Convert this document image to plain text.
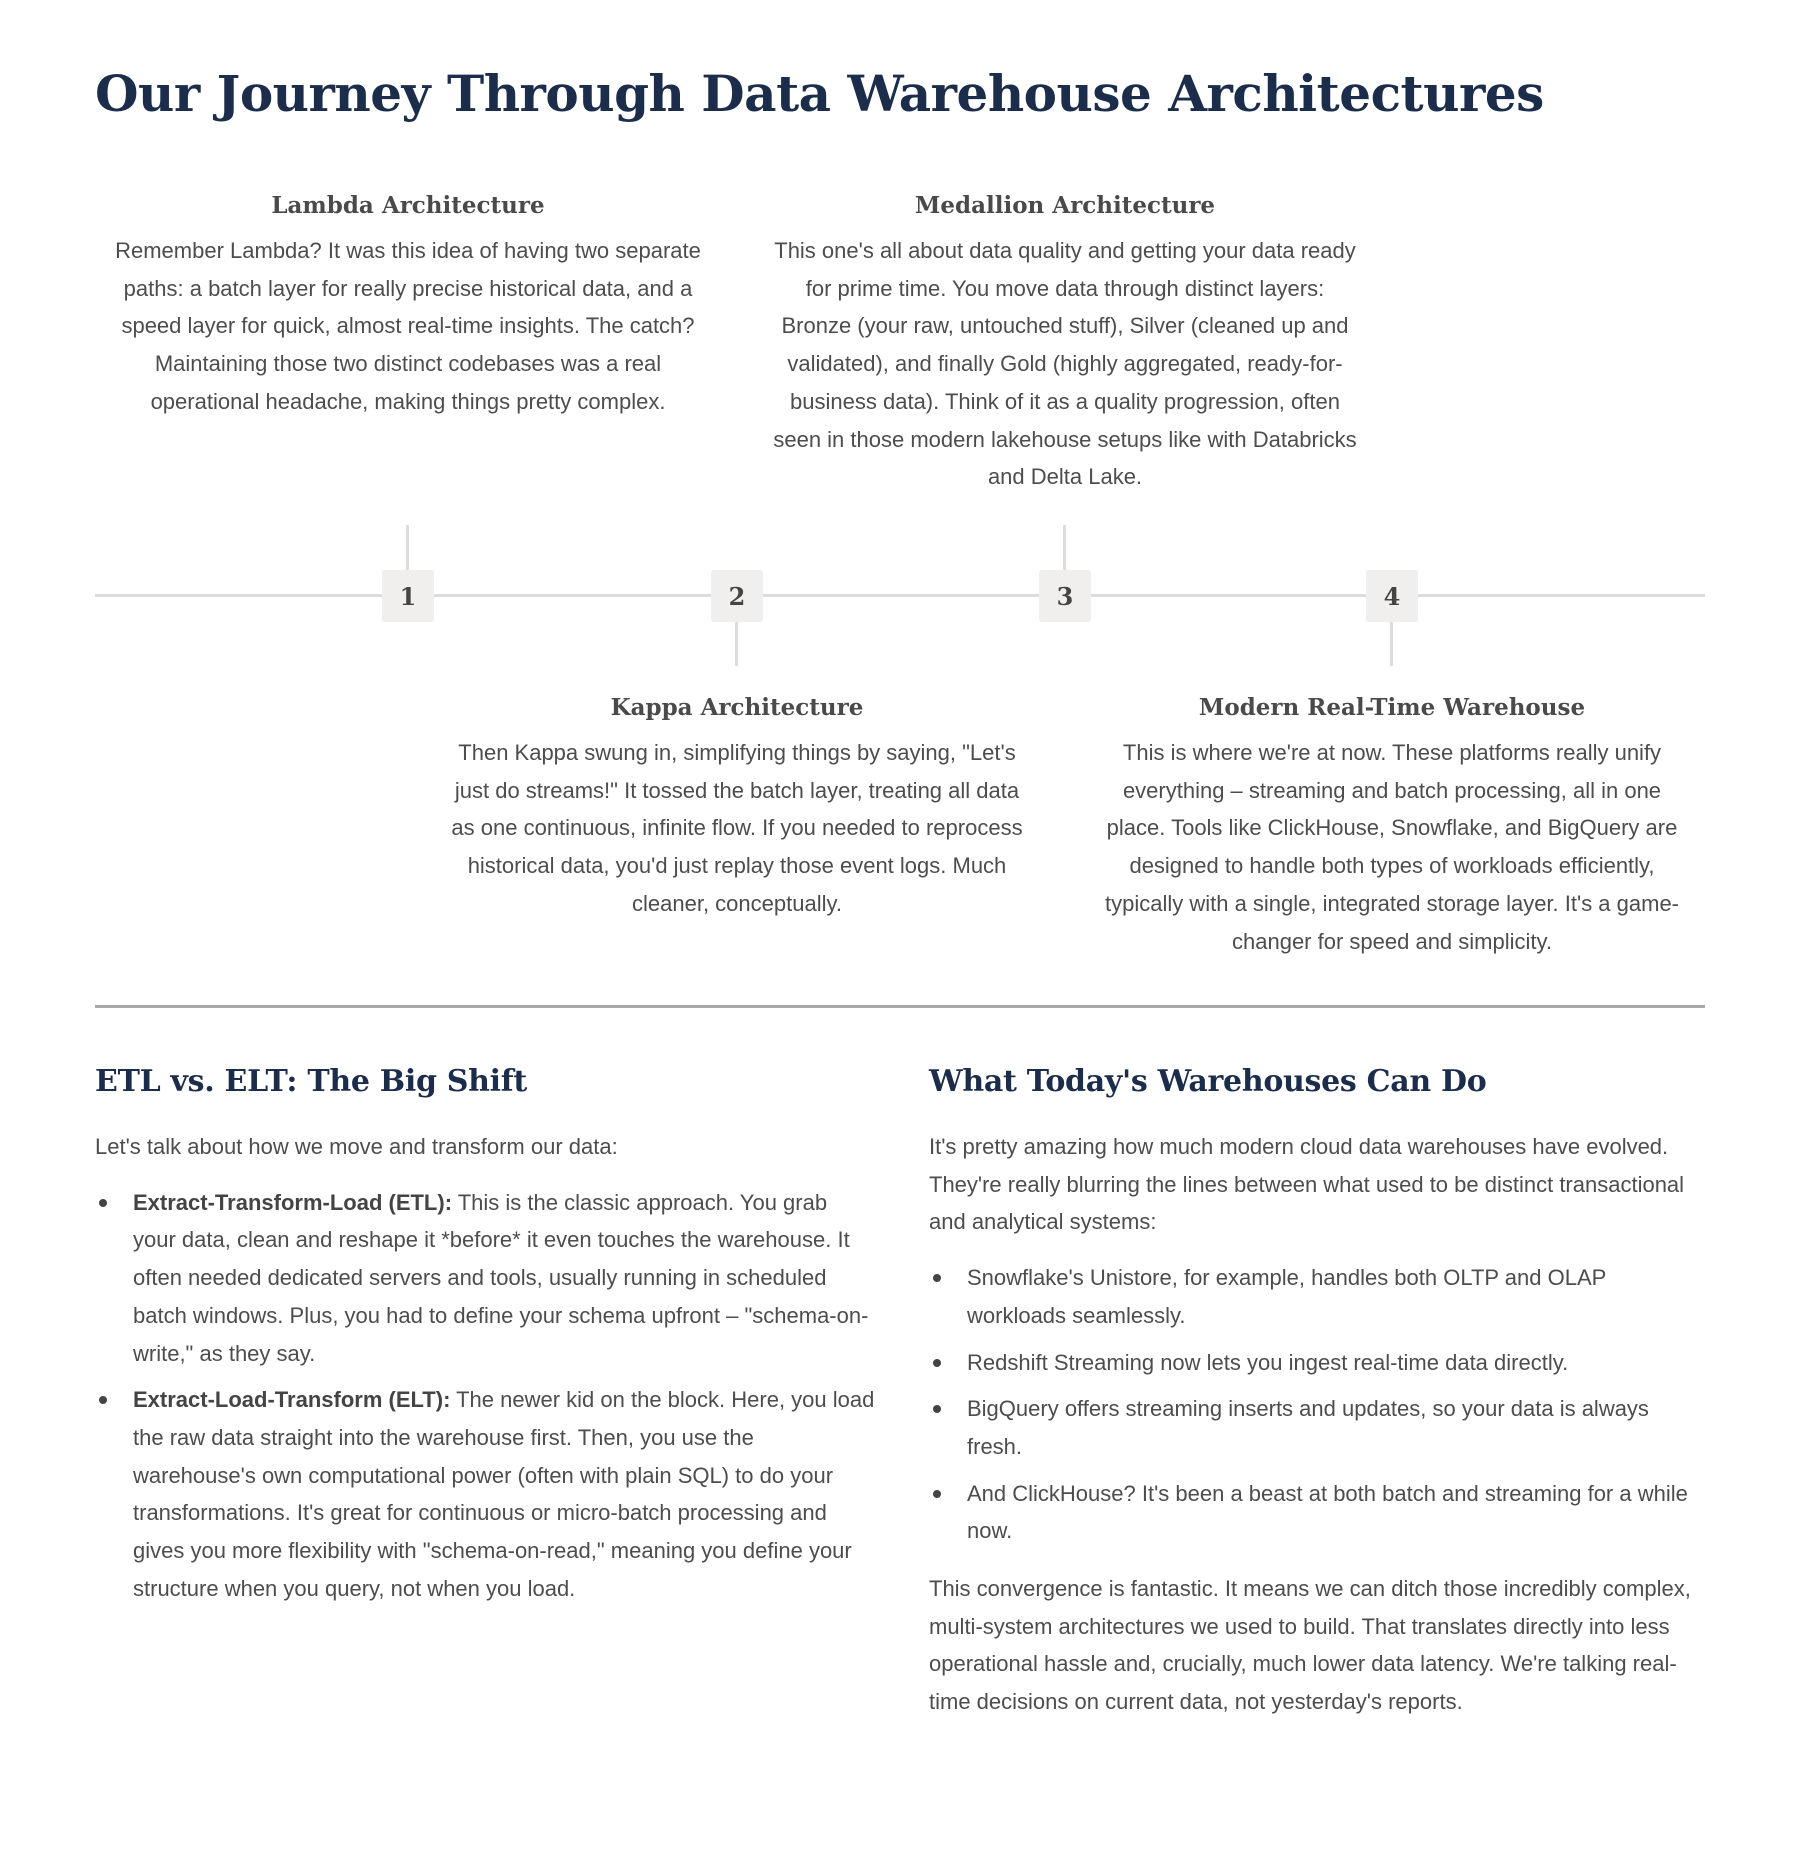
Our Journey Through Data Warehouse Architectures
Lambda Architecture

Remember Lambda? It was this idea of having two separate paths: a batch layer for really precise historical data, and a speed layer for quick, almost real-time insights. The catch? Maintaining those two distinct codebases was a real operational headache, making things pretty complex.

1	2
Kappa Architecture

Then Kappa swung in, simplifying things by saying, "Let's just do streams!" It tossed the batch layer, treating all data as one continuous, infinite flow. If you needed to reprocess historical data, you'd just replay those event logs. Much cleaner, conceptually.

Medallion Architecture

This one's all about data quality and getting your data ready for prime time. You move data through distinct layers: Bronze (your raw, untouched stuff), Silver (cleaned up and validated), and finally Gold (highly aggregated, ready-for-business data). Think of it as a quality progression, often seen in those modern lakehouse setups like with Databricks and Delta Lake.

3	4
Modern Real-Time Warehouse

This is where we're at now. These platforms really unify everything – streaming and batch processing, all in one place. Tools like ClickHouse, Snowflake, and BigQuery are designed to handle both types of workloads efficiently, typically with a single, integrated storage layer. It's a game-changer for speed and simplicity.

ETL vs. ELT: The Big Shift

Let's talk about how we move and transform our data:

Extract-Transform-Load (ETL): This is the classic approach. You grab your data, clean and reshape it *before* it even touches the warehouse. It often needed dedicated servers and tools, usually running in scheduled batch windows. Plus, you had to define your schema upfront – "schema-on-write," as they say.
Extract-Load-Transform (ELT): The newer kid on the block. Here, you load the raw data straight into the warehouse first. Then, you use the warehouse's own computational power (often with plain SQL) to do your transformations. It's great for continuous or micro-batch processing and gives you more flexibility with "schema-on-read," meaning you define your structure when you query, not when you load.
What Today's Warehouses Can Do

It's pretty amazing how much modern cloud data warehouses have evolved. They're really blurring the lines between what used to be distinct transactional and analytical systems:

Snowflake's Unistore, for example, handles both OLTP and OLAP workloads seamlessly.
Redshift Streaming now lets you ingest real-time data directly.
BigQuery offers streaming inserts and updates, so your data is always fresh.
And ClickHouse? It's been a beast at both batch and streaming for a while now.

This convergence is fantastic. It means we can ditch those incredibly complex, multi-system architectures we used to build. That translates directly into less operational hassle and, crucially, much lower data latency. We're talking real-time decisions on current data, not yesterday's reports.
